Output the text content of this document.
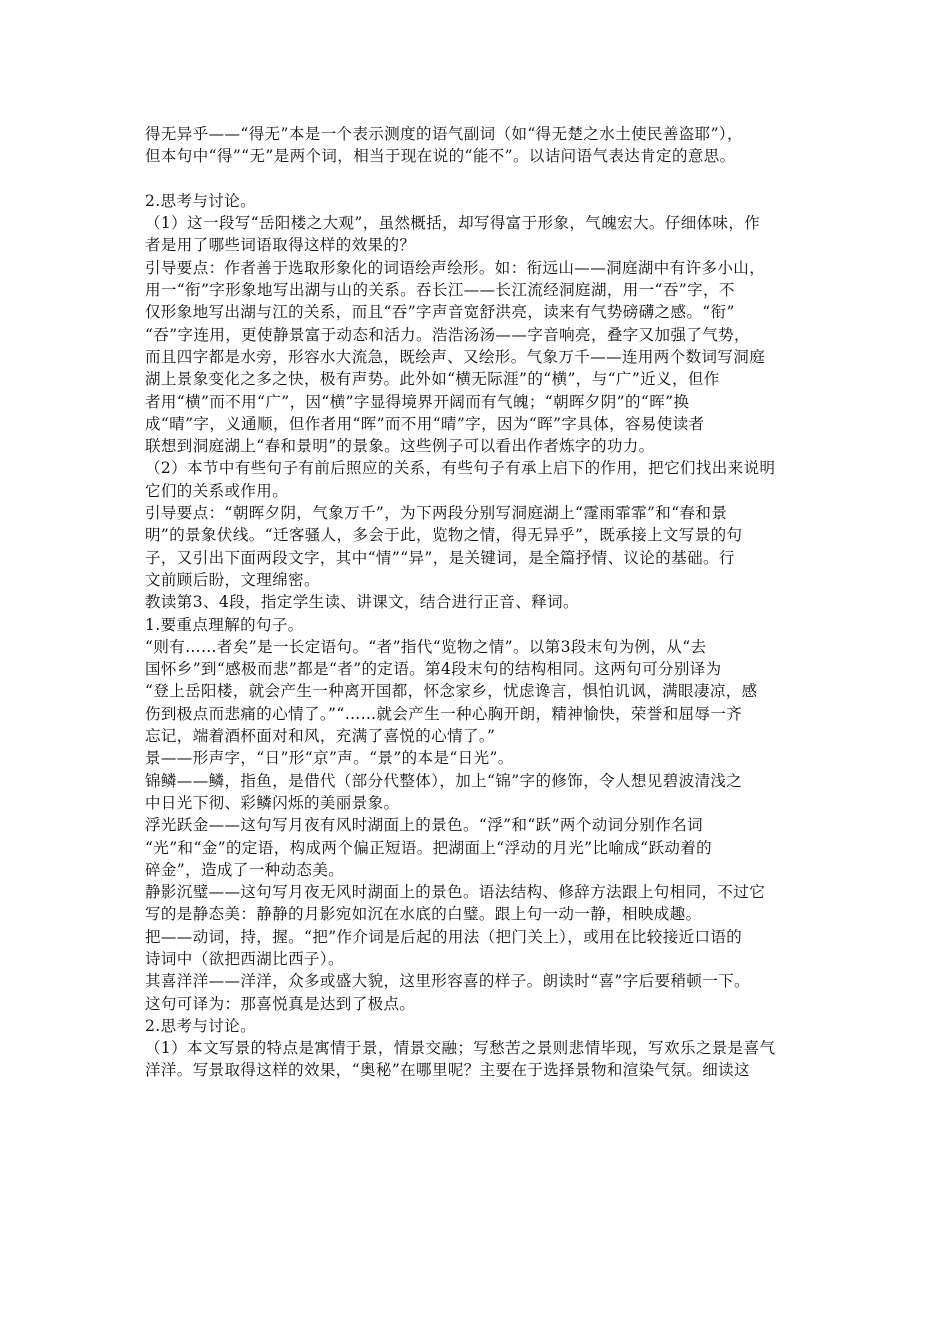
得无异乎——“得无”本是一个表示测度的语气副词（如“得无楚之水土使民善盗耶”），
但本句中“得”“无”是两个词，相当于现在说的“能不”。以诘问语气表达肯定的意思。
2.思考与讨论。
（1）这一段写“岳阳楼之大观”，虽然概括，却写得富于形象，气魄宏大。仔细体味，作
者是用了哪些词语取得这样的效果的？
引导要点：作者善于选取形象化的词语绘声绘形。如：衔远山——洞庭湖中有许多小山，
用一“衔”字形象地写出湖与山的关系。吞长江——长江流经洞庭湖，用一“吞”字，不
仅形象地写出湖与江的关系，而且“吞”字声音宽舒洪亮，读来有气势磅礴之感。“衔”
“吞”字连用，更使静景富于动态和活力。浩浩汤汤——字音响亮，叠字又加强了气势，
而且四字都是水旁，形容水大流急，既绘声、又绘形。气象万千——连用两个数词写洞庭
湖上景象变化之多之快，极有声势。此外如“横无际涯”的“横”，与“广”近义，但作
者用“横”而不用“广”，因“横”字显得境界开阔而有气魄；“朝晖夕阴”的“晖”换
成“晴”字，义通顺，但作者用“晖”而不用“晴”字，因为“晖”字具体，容易使读者
联想到洞庭湖上“春和景明”的景象。这些例子可以看出作者炼字的功力。
（2）本节中有些句子有前后照应的关系，有些句子有承上启下的作用，把它们找出来说明
它们的关系或作用。
引导要点：“朝晖夕阴，气象万千”，为下两段分别写洞庭湖上“霪雨霏霏”和“春和景
明”的景象伏线。“迁客骚人，多会于此，览物之情，得无异乎”，既承接上文写景的句
子，又引出下面两段文字，其中“情”“异”，是关键词，是全篇抒情、议论的基础。行
文前顾后盼，文理绵密。
教读第3、4段，指定学生读、讲课文，结合进行正音、释词。
1.要重点理解的句子。
“则有……者矣”是一长定语句。“者”指代“览物之情”。以第3段末句为例，从“去
国怀乡”到“感极而悲”都是“者”的定语。第4段末句的结构相同。这两句可分别译为
“登上岳阳楼，就会产生一种离开国都，怀念家乡，忧虑谗言，惧怕讥讽，满眼凄凉，感
伤到极点而悲痛的心情了。”“……就会产生一种心胸开朗，精神愉快，荣誉和屈辱一齐
忘记，端着酒杯面对和风，充满了喜悦的心情了。”
景——形声字，“日”形“京”声。“景”的本是“日光”。
锦鳞——鳞，指鱼，是借代（部分代整体），加上“锦”字的修饰，令人想见碧波清浅之
中日光下彻、彩鳞闪烁的美丽景象。
浮光跃金——这句写月夜有风时湖面上的景色。“浮”和“跃”两个动词分别作名词
“光”和“金”的定语，构成两个偏正短语。把湖面上“浮动的月光”比喻成“跃动着的
碎金”，造成了一种动态美。
静影沉璧——这句写月夜无风时湖面上的景色。语法结构、修辞方法跟上句相同，不过它
写的是静态美：静静的月影宛如沉在水底的白璧。跟上句一动一静，相映成趣。
把——动词，持，握。“把”作介词是后起的用法（把门关上），或用在比较接近口语的
诗词中（欲把西湖比西子）。
其喜洋洋——洋洋，众多或盛大貌，这里形容喜的样子。朗读时“喜”字后要稍顿一下。
这句可译为：那喜悦真是达到了极点。
2.思考与讨论。
（1）本文写景的特点是寓情于景，情景交融；写愁苦之景则悲情毕现，写欢乐之景是喜气
洋洋。写景取得这样的效果，“奥秘”在哪里呢？主要在于选择景物和渲染气氛。细读这
